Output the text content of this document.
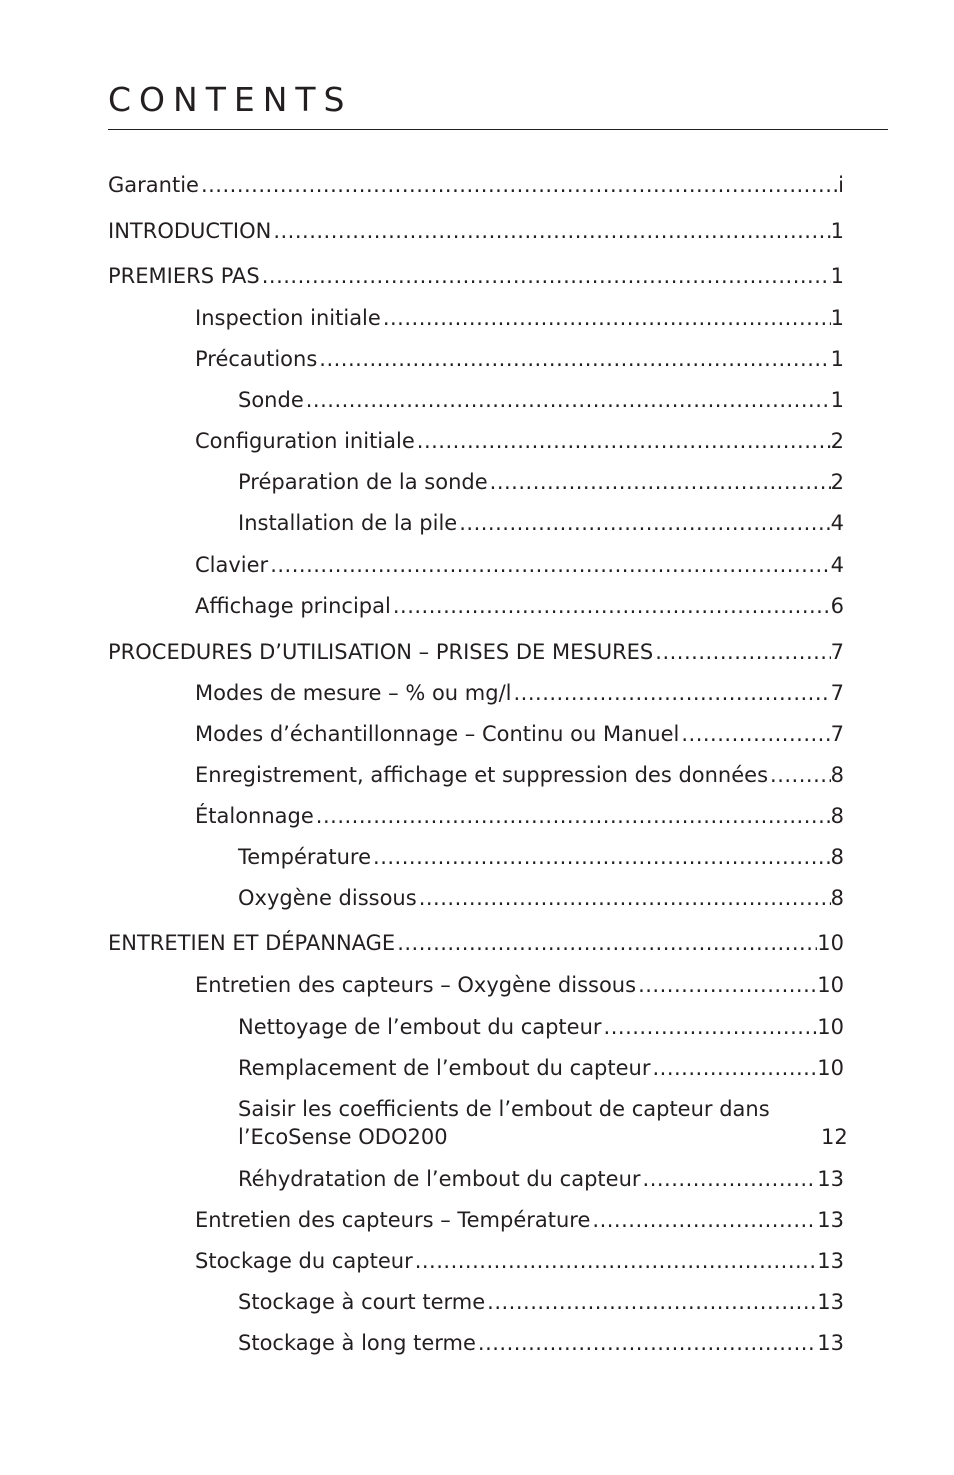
CONTENTS
Garantie .....	i
INTRODUCTION .....	1
PREMIERS PAS .....	1
Inspection initiale .....	1
Précautions .....	1
Sonde .....	1
Configuration initiale .....	2
Préparation de la sonde .....	2
Installation de la pile .....	4
Clavier .....	4
Affichage principal .....	6
PROCEDURES D’UTILISATION – PRISES DE MESURES .....	7
Modes de mesure – % ou mg/l .....	7
Modes d’échantillonnage – Continu ou Manuel .....	7
Enregistrement, affichage et suppression des données .....	8
Étalonnage .....	8
Température .....	8
Oxygène dissous .....	8
ENTRETIEN ET DÉPANNAGE .....	10
Entretien des capteurs – Oxygène dissous .....	10
Nettoyage de l’embout du capteur .....	10
Remplacement de l’embout du capteur .....	10
Saisir les coefficients de l’embout de capteur dans l’EcoSense ODO200 .....	12
Réhydratation de l’embout du capteur .....	13
Entretien des capteurs – Température .....	13
Stockage du capteur .....	13
Stockage à court terme .....	13
Stockage à long terme .....	13
